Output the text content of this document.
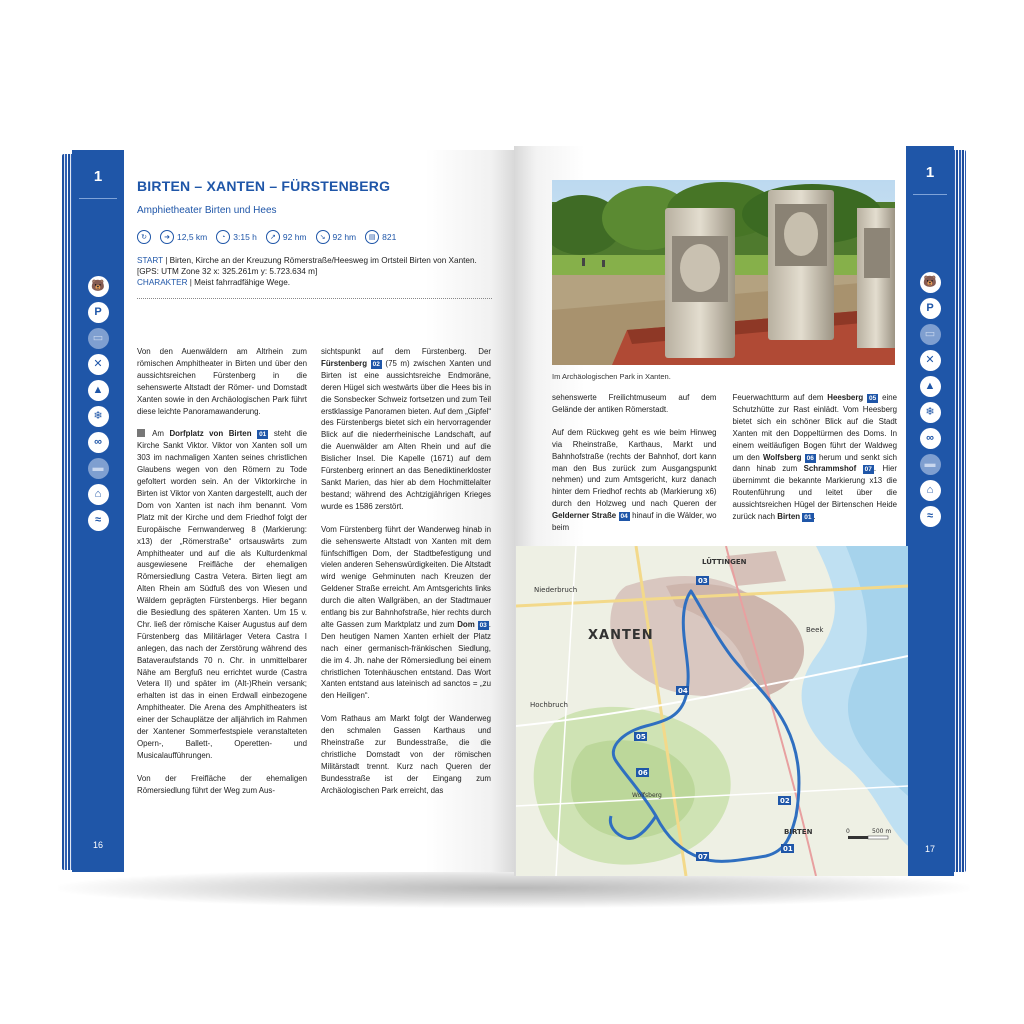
1
🐻
P
▭
✕
▲
❄
∞
▬
⌂
≈
16
BIRTEN – XANTEN – FÜRSTENBERG
Amphietheater Birten und Hees
↻	➜ 12,5 km	◔ 3:15 h	↗ 92 hm	↘ 92 hm	▤ 821
START | Birten, Kirche an der Kreuzung Römerstraße/Heesweg im Ortsteil Birten von Xanten.
[GPS: UTM Zone 32 x: 325.261m y: 5.723.634 m]
CHARAKTER | Meist fahrradfähige Wege.

Von den Auenwäldern am Altrhein zum römischen Amphitheater in Birten und über den aussichtsreichen Fürstenberg in die sehenswerte Altstadt der Römer- und Domstadt Xanten sowie in den Archäologischen Park führt diese leichte Panoramawanderung.

Am Dorfplatz von Birten 01 steht die Kirche Sankt Viktor. Viktor von Xanten soll um 303 im nachmaligen Xanten seines christlichen Glaubens wegen von den Römern zu Tode gefoltert worden sein. An der Viktorkirche in Birten ist Viktor von Xanten dargestellt, auch der Dom von Xanten ist nach ihm benannt. Vom Platz mit der Kirche und dem Friedhof folgt der Europäische Fernwanderweg 8 (Markierung: x13) der „Römerstraße“ ortsauswärts zum Amphitheater und auf die als Kulturdenkmal ausgewiesene Freifläche der ehemaligen Römersiedlung Castra Vetera. Birten liegt am Alten Rhein am Südfuß des von Wiesen und Wäldern geprägten Fürstenbergs. Hier begann die Besiedlung des späteren Xanten. Um 15 v. Chr. ließ der römische Kaiser Augustus auf dem Fürstenberg das Militärlager Vetera Castra I anlegen, das nach der Zerstörung während des Bataveraufstands 70 n. Chr. in unmittelbarer Nähe am Bergfuß neu errichtet wurde (Castra Vetera II) und später im (Alt-)Rhein versank; erhalten ist das in einen Erdwall einbezogene Amphitheater. Die Arena des Amphitheaters ist einer der Schauplätze der alljährlich im Rahmen der Xantener Sommerfestspiele veranstalteten Opern-, Ballett-, Operetten- und Musicalaufführungen.

Von der Freifläche der ehemaligen Römersiedlung führt der Weg zum Aus-

sichtspunkt auf dem Fürstenberg. Der Fürstenberg 02 (75 m) zwischen Xanten und Birten ist eine aussichtsreiche Endmoräne, deren Hügel sich westwärts über die Hees bis in die Sonsbecker Schweiz fortsetzen und zum Teil erstklassige Panoramen bieten. Auf dem „Gipfel“ des Fürstenbergs bietet sich ein hervorragender Blick auf die niederrheinische Landschaft, auf die Auenwälder am Alten Rhein und auf die Bislicher Insel. Die Kapelle (1671) auf dem Fürstenberg erinnert an das Benediktinerkloster Sankt Marien, das hier ab dem Hochmittelalter bestand; während des Achtzigjährigen Krieges wurde es 1586 zerstört.

Vom Fürstenberg führt der Wanderweg hinab in die sehenswerte Altstadt von Xanten mit dem fünfschiffigen Dom, der Stadtbefestigung und vielen anderen Sehenswürdigkeiten. Die Altstadt wird wenige Gehminuten nach Kreuzen der Geldener Straße erreicht. Am Amtsgerichts links durch die alten Wallgräben, an der Stadtmauer entlang bis zur Bahnhofstraße, hier rechts durch alte Gassen zum Marktplatz und zum Dom 03 . Den heutigen Namen Xanten erhielt der Platz nach einer germanisch-fränkischen Siedlung, die im 4. Jh. nahe der Römersiedlung bei einem christlichen Totenhäuschen entstand. Das Wort Xanten entstand aus lateinisch ad sanctos = „zu den Heiligen“.

Vom Rathaus am Markt folgt der Wanderweg den schmalen Gassen Karthaus und Rheinstraße zur Bundesstraße, die die christliche Domstadt von der römischen Militärstadt trennt. Kurz nach Queren der Bundesstraße ist der Eingang zum Archäologischen Park erreicht, das

1
🐻
P
▭
✕
▲
❄
∞
▬
⌂
≈
17
Im Archäologischen Park in Xanten.

sehenswerte Freilichtmuseum auf dem Gelände der antiken Römerstadt.

Auf dem Rückweg geht es wie beim Hinweg via Rheinstraße, Karthaus, Markt und Bahnhofstraße (rechts der Bahnhof, dort kann man den Bus zurück zum Ausgangspunkt nehmen) und zum Amtsgericht, kurz danach hinter dem Friedhof rechts ab (Markierung x6) durch den Holzweg und nach Queren der Gelderner Straße 04 hinauf in die Wälder, wo beim

Feuerwachtturm auf dem Heesberg 05 eine Schutzhütte zur Rast einlädt. Vom Heesberg bietet sich ein schöner Blick auf die Stadt Xanten mit den Doppeltürmen des Doms. In einem weitläufigen Bogen führt der Waldweg um den Wolfsberg 06 herum und senkt sich dann hinab zum Schrammshof 07 . Hier übernimmt die bekannte Markierung x13 die Routenführung und leitet über die aussichtsreichen Hügel der Birtenschen Heide zurück nach Birten 01 .

03
04
05
06
07
01
02
XANTEN
LÜTTINGEN
BIRTEN
Niederbruch
Hochbruch
Beek
Wolfsberg
0	500 m
